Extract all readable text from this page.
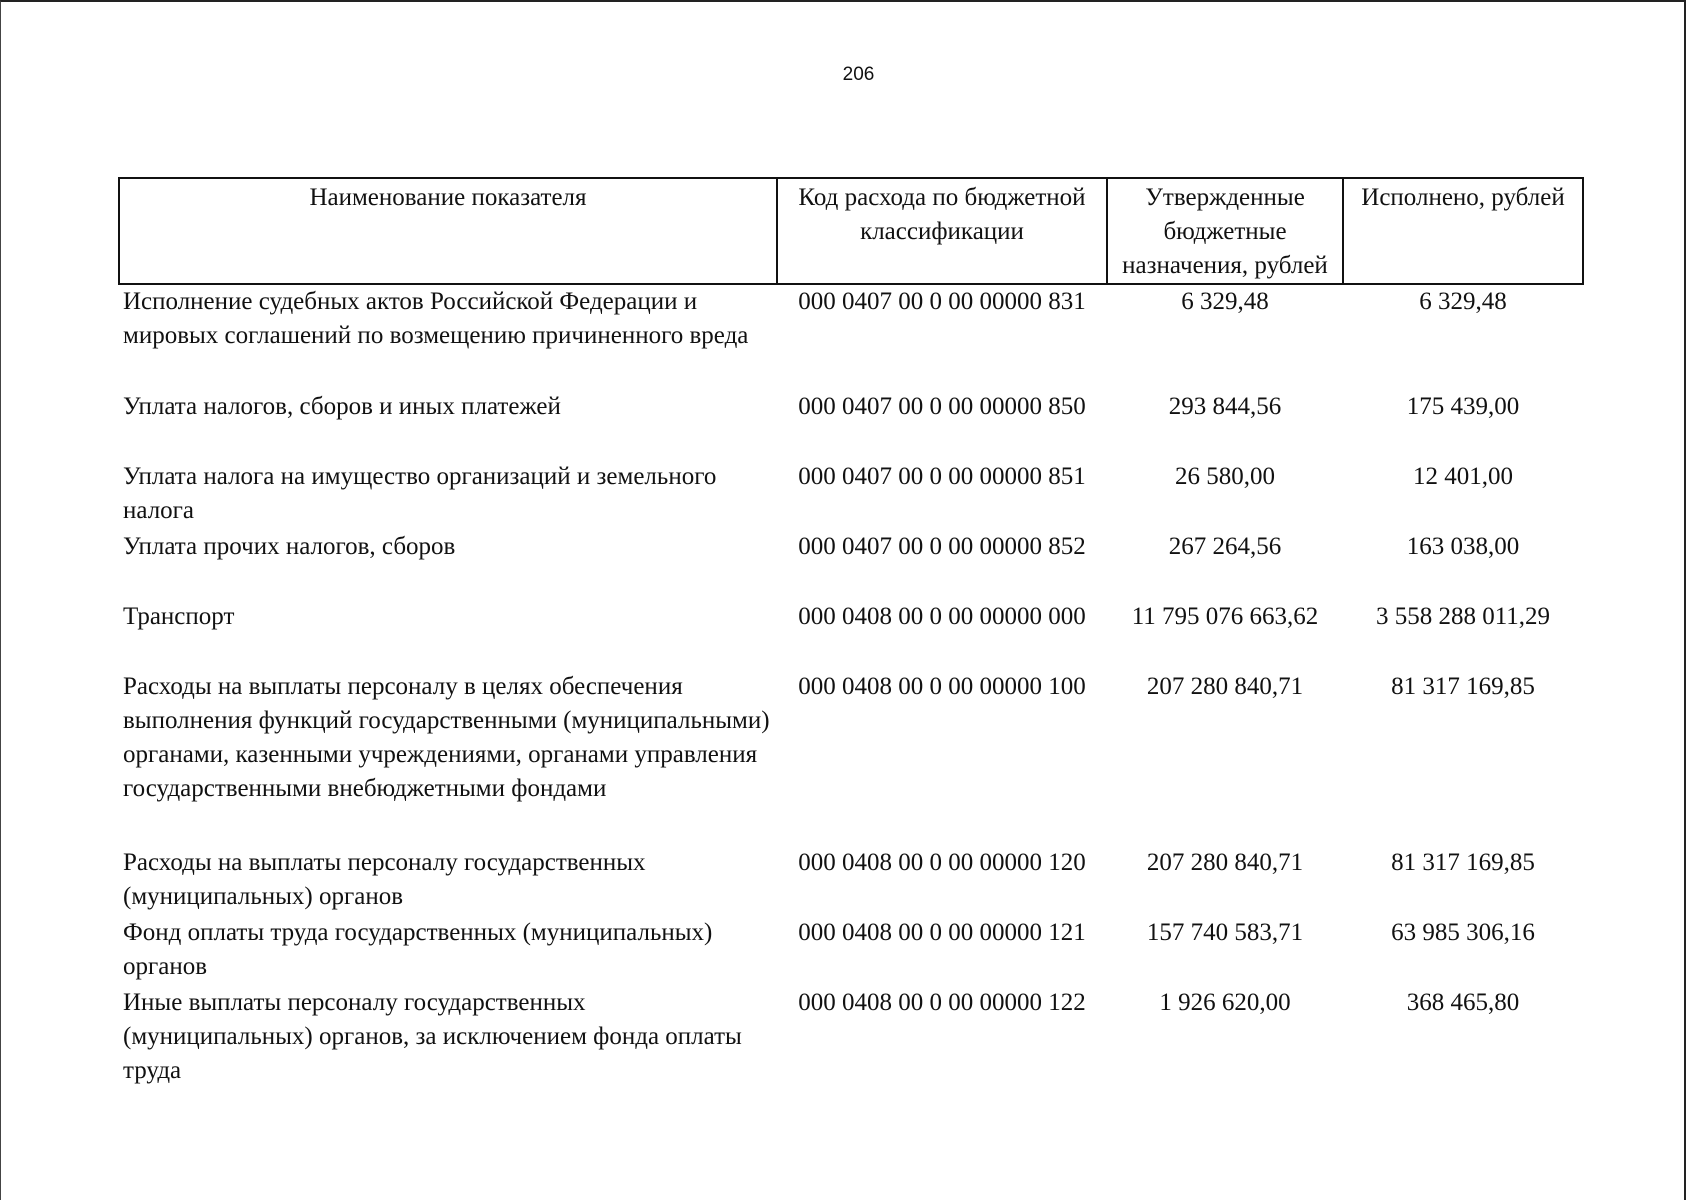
206
Наименование показателя	Код расхода по бюджетной классификации	Утвержденные бюджетные назначения, рублей	Исполнено, рублей
Исполнение судебных актов Российской Федерации и мировых соглашений по возмещению причиненного вреда	000 0407 00 0 00 00000 831	6 329,48	6 329,48
Уплата налогов, сборов и иных платежей	000 0407 00 0 00 00000 850	293 844,56	175 439,00
Уплата налога на имущество организаций и земельного налога	000 0407 00 0 00 00000 851	26 580,00	12 401,00
Уплата прочих налогов, сборов	000 0407 00 0 00 00000 852	267 264,56	163 038,00
Транспорт	000 0408 00 0 00 00000 000	11 795 076 663,62	3 558 288 011,29
Расходы на выплаты персоналу в целях обеспечения выполнения функций государственными (муниципальными) органами, казенными учреждениями, органами управления государственными внебюджетными фондами	000 0408 00 0 00 00000 100	207 280 840,71	81 317 169,85
Расходы на выплаты персоналу государственных (муниципальных) органов	000 0408 00 0 00 00000 120	207 280 840,71	81 317 169,85
Фонд оплаты труда государственных (муниципальных) органов	000 0408 00 0 00 00000 121	157 740 583,71	63 985 306,16
Иные выплаты персоналу государственных (муниципальных) органов, за исключением фонда оплаты труда	000 0408 00 0 00 00000 122	1 926 620,00	368 465,80
